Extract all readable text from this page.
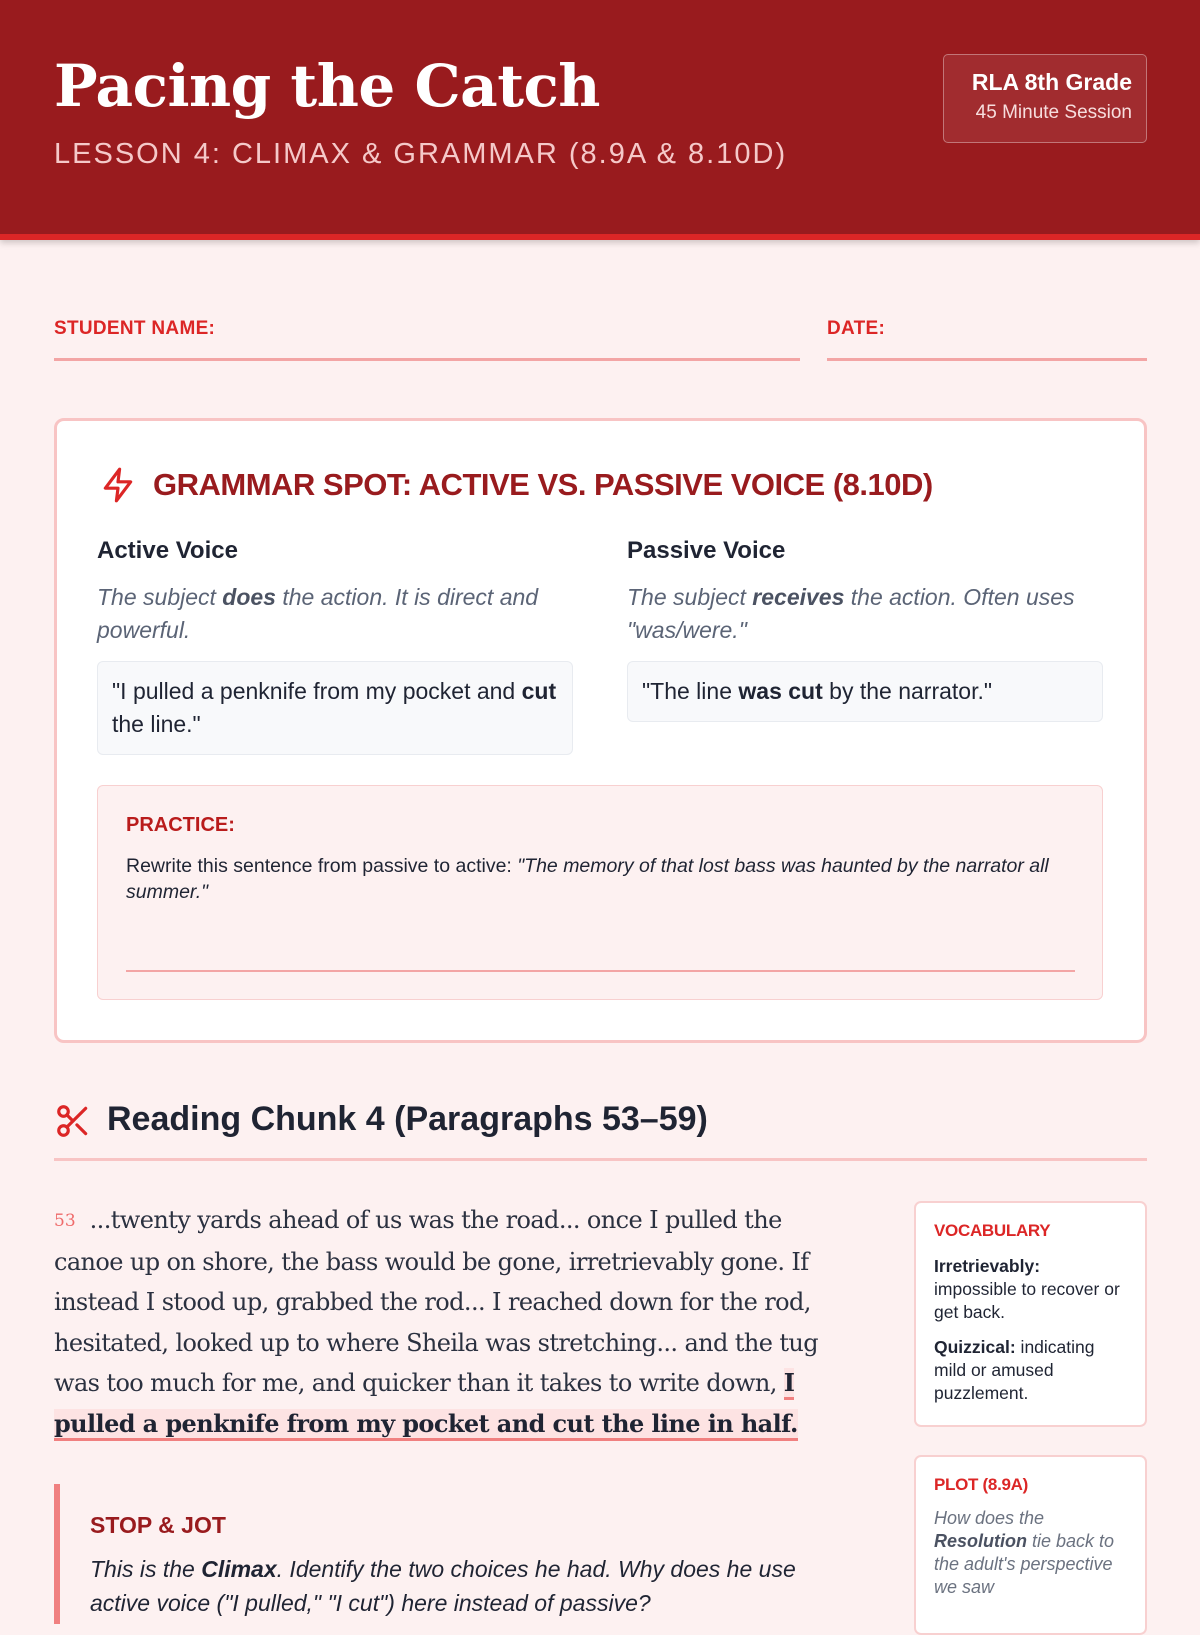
Pacing the Catch
LESSON 4: CLIMAX & GRAMMAR (8.9A & 8.10D)
RLA 8th Grade
45 Minute Session
STUDENT NAME:	DATE:
GRAMMAR SPOT: ACTIVE VS. PASSIVE VOICE (8.10D)
Active Voice
The subject does the action. It is direct and powerful.
"I pulled a penknife from my pocket and cut the line."
Passive Voice
The subject receives the action. Often uses "was/were."
"The line was cut by the narrator."
PRACTICE:
Rewrite this sentence from passive to active: "The memory of that lost bass was haunted by the narrator all summer."
Reading Chunk 4 (Paragraphs 53–59)
53 ...twenty yards ahead of us was the road... once I pulled the canoe up on shore, the bass would be gone, irretrievably gone. If instead I stood up, grabbed the rod... I reached down for the rod, hesitated, looked up to where Sheila was stretching... and the tug was too much for me, and quicker than it takes to write down, I pulled a penknife from my pocket and cut the line in half.
STOP & JOT
This is the Climax. Identify the two choices he had. Why does he use active voice ("I pulled," "I cut") here instead of passive?
VOCABULARY
Irretrievably: impossible to recover or get back.
Quizzical: indicating mild or amused puzzlement.
PLOT (8.9A)
How does the Resolution tie back to the adult's perspective we saw
